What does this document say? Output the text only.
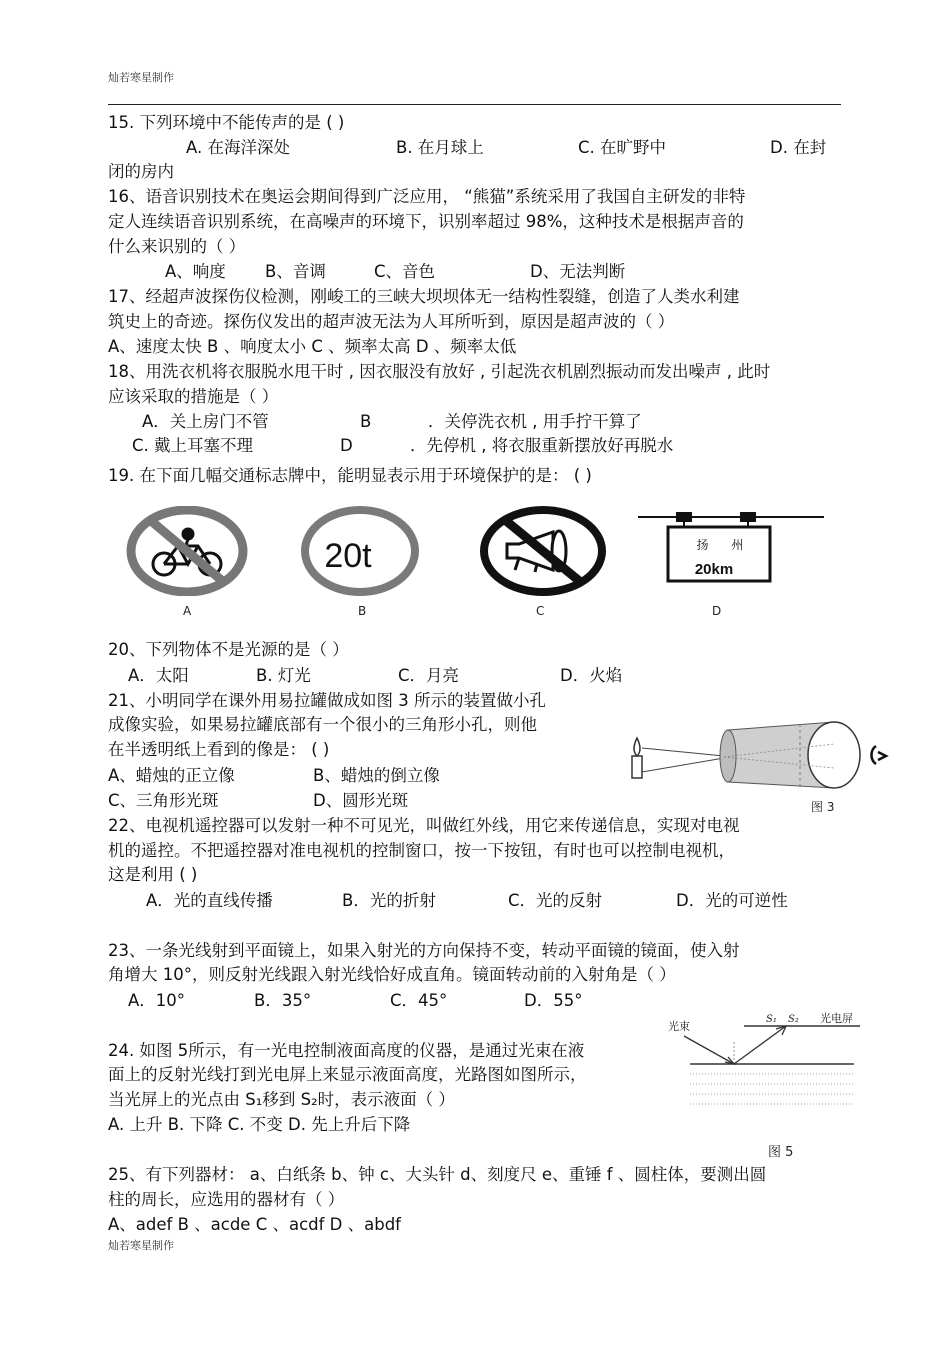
灿若寒星制作
15. 下列环境中不能传声的是 ( )
A. 在海洋深处	B. 在月球上	C. 在旷野中	D. 在封
闭的房内
16、语音识别技术在奥运会期间得到广泛应用， “熊猫”系统采用了我国自主研发的非特
定人连续语音识别系统，在高噪声的环境下，识别率超过 98%，这种技术是根据声音的
什么来识别的（ ）
A、响度 B、音调	C、音色	D、无法判断
17、经超声波探伤仪检测，刚峻工的三峡大坝坝体无一结构性裂缝，创造了人类水利建
筑史上的奇迹。探伤仪发出的超声波无法为人耳所听到，原因是超声波的（ ）
A、速度太快 B 、响度太小 C 、频率太高 D 、频率太低
18、用洗衣机将衣服脱水甩干时 , 因衣服没有放好 , 引起洗衣机剧烈振动而发出噪声 , 此时
应该采取的措施是（ ）
A．关上房门不管	B	．关停洗衣机 , 用手拧干算了
C. 戴上耳塞不理	D	．先停机 , 将衣服重新摆放好再脱水
19. 在下面几幅交通标志牌中，能明显表示用于环境保护的是： ( )
20t	扬      州
20km
A	B	C	D
20、下列物体不是光源的是（ ）
A．太阳	B. 灯光	C．月亮	D．火焰
21、小明同学在课外用易拉罐做成如图 3 所示的装置做小孔
成像实验，如果易拉罐底部有一个很小的三角形小孔，则他
在半透明纸上看到的像是： ( )
A、蜡烛的正立像	B、蜡烛的倒立像
C、三角形光斑	D、圆形光斑	图 3
22、电视机遥控器可以发射一种不可见光，叫做红外线，用它来传递信息，实现对电视
机的遥控。不把遥控器对准电视机的控制窗口，按一下按钮，有时也可以控制电视机，
这是利用 ( )
A．光的直线传播	B．光的折射	C．光的反射	D．光的可逆性
23、一条光线射到平面镜上，如果入射光的方向保持不变，转动平面镜的镜面，使入射
角增大 10°，则反射光线跟入射光线恰好成直角。镜面转动前的入射角是（ ）
A．10°	B．35°	C．45°	D．55°
24. 如图 5所示，有一光电控制液面高度的仪器，是通过光束在液
面上的反射光线打到光电屏上来显示液面高度，光路图如图所示，
当光屏上的光点由 S₁移到 S₂时，表示液面（ ）
A. 上升 B. 下降 C. 不变 D. 先上升后下降
光束
S₁ S₂ 光电屏
图 5
25、有下列器材： a、白纸条 b、钟 c、大头针 d、刻度尺 e、重锤 f 、圆柱体，要测出圆
柱的周长，应选用的器材有（ ）
A、adef B 、acde C 、acdf D 、abdf
灿若寒星制作
